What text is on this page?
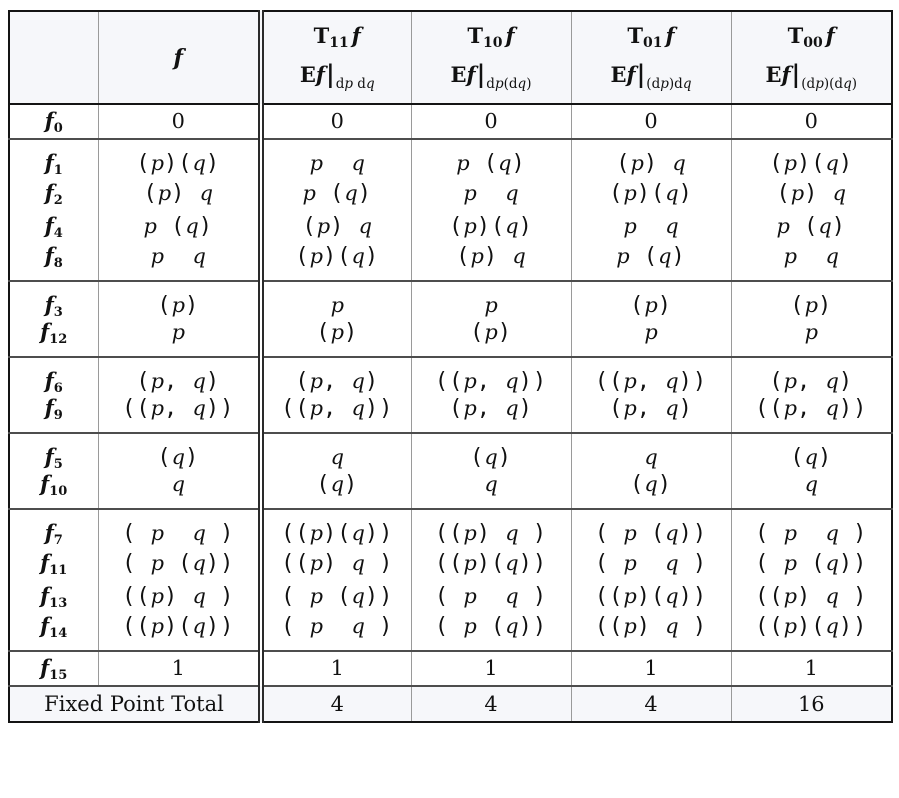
	f	
$T_{11}$ f
$Ef|_{dp dq}$

$T_{10}$ f
$Ef|_{dp(dq)}$

$T_{01}$ f
$Ef|_{(dp)dq}$

$T_{00}$ f
$Ef|_{(dp)(dq)}$

$f_0$	0	0	0	0	0
$f_1$	(p)(q)	p q	p (q)	(p) q	(p)(q)
$f_2$	(p) q	p (q)	p q	(p)(q)	(p) q
$f_4$	p (q)	(p) q	(p)(q)	p q	p (q)
$f_8$	p q	(p)(q)	(p) q	p (q)	p q
$f_3$	(p)	p	p	(p)	(p)
$f_{12}$	p	(p)	(p)	p	p
$f_6$	(p, q)	(p, q)	((p, q))	((p, q))	(p, q)
$f_9$	((p, q))	((p, q))	(p, q)	(p, q)	((p, q))
$f_5$	(q)	q	(q)	q	(q)
$f_{10}$	q	(q)	q	(q)	q
$f_7$	( p q )	((p)(q))	((p) q )	( p (q))	( p q )
$f_{11}$	( p (q))	((p) q )	((p)(q))	( p q )	( p (q))
$f_{13}$	((p) q )	( p (q))	( p q )	((p)(q))	((p) q )
$f_{14}$	((p)(q))	( p q )	( p (q))	((p) q )	((p)(q))
$f_{15}$	1	1	1	1	1
Fixed Point Total		4	4	4	16
